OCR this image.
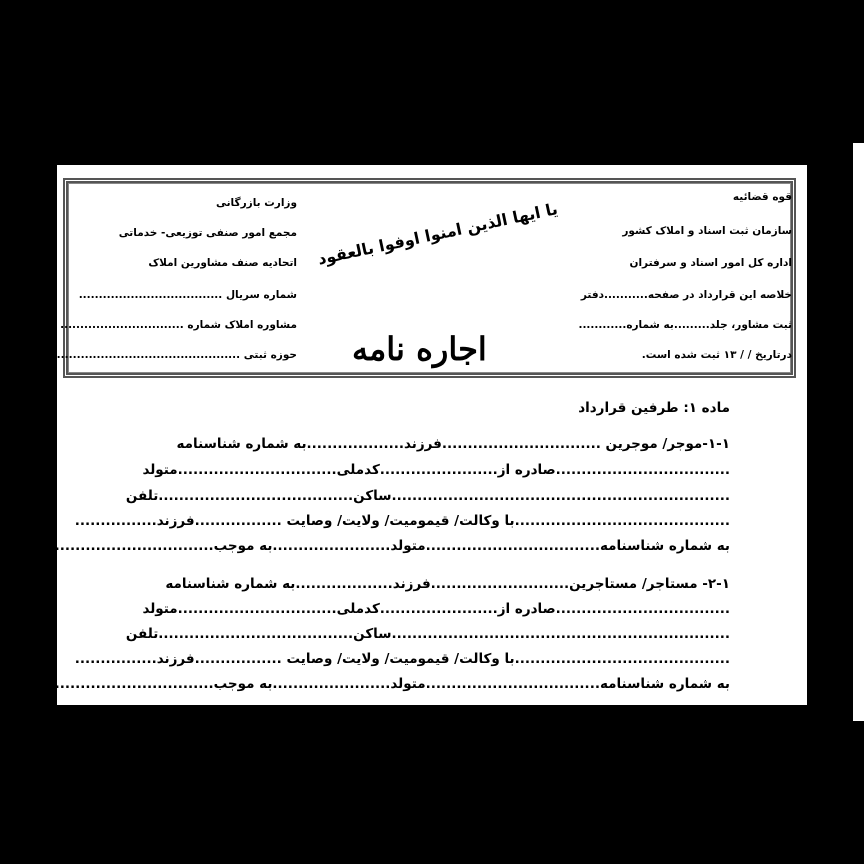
قوه قضائیه
سازمان ثبت اسناد و املاک کشور
اداره کل امور اسناد و سرفتران
خلاصه این قرارداد در صفحه...........دفتر
ثبت مشاور، جلد.........به شماره............
درتاریخ / / ۱۳ ثبت شده است.
وزارت بازرگانی
مجمع امور صنفی توزیعی- خدماتی
اتحادیه صنف مشاورین املاک
شماره سریال ....................................
مشاوره املاک شماره ...............................
حوزه ثبتی ...............................................
یا ایها الذین امنوا اوفوا بالعقود
اجاره نامه
ماده ۱: طرفین قرارداد
۱-۱-موجر/ موجرین ...............................فرزند...................به شماره شناسنامه
..................................صادره از.......................کدملی...............................متولد
..................................................................ساکن......................................تلفن
..........................................با وکالت/ قیمومیت/ ولایت/ وصایت .................فرزند................
به شماره شناسنامه..................................متولد.......................به موجب.....................................
۲-۱- مستاجر/ مستاجرین...........................فرزند...................به شماره شناسنامه
..................................صادره از.......................کدملی...............................متولد
..................................................................ساکن......................................تلفن
..........................................با وکالت/ قیمومیت/ ولایت/ وصایت .................فرزند................
به شماره شناسنامه..................................متولد.......................به موجب.....................................
